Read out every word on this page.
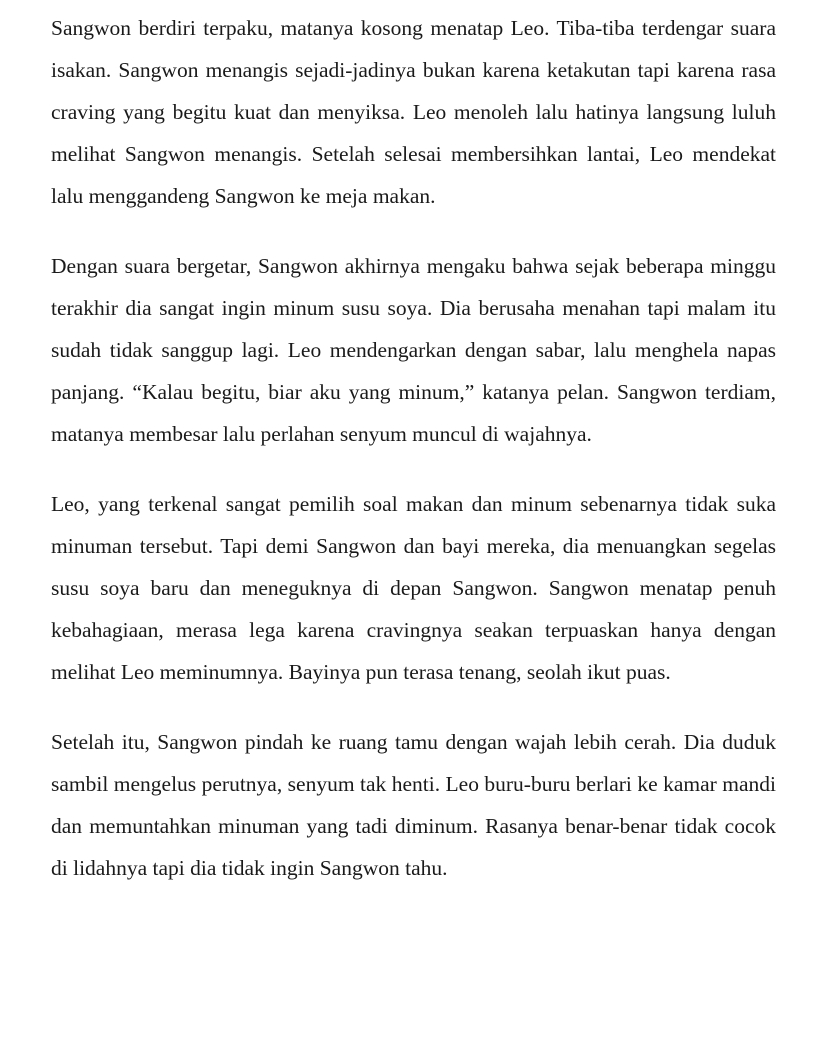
Sangwon berdiri terpaku, matanya kosong menatap Leo. Tiba-tiba terdengar suara isakan. Sangwon menangis sejadi-jadinya bukan karena ketakutan tapi karena rasa craving yang begitu kuat dan menyiksa. Leo menoleh lalu hatinya langsung luluh melihat Sangwon menangis. Setelah selesai membersihkan lantai, Leo mendekat lalu menggandeng Sangwon ke meja makan.

Dengan suara bergetar, Sangwon akhirnya mengaku bahwa sejak beberapa minggu terakhir dia sangat ingin minum susu soya. Dia berusaha menahan tapi malam itu sudah tidak sanggup lagi. Leo mendengarkan dengan sabar, lalu menghela napas panjang. “Kalau begitu, biar aku yang minum,” katanya pelan. Sangwon terdiam, matanya membesar lalu perlahan senyum muncul di wajahnya.

Leo, yang terkenal sangat pemilih soal makan dan minum sebenarnya tidak suka minuman tersebut. Tapi demi Sangwon dan bayi mereka, dia menuangkan segelas susu soya baru dan meneguknya di depan Sangwon. Sangwon menatap penuh kebahagiaan, merasa lega karena cravingnya seakan terpuaskan hanya dengan melihat Leo meminumnya. Bayinya pun terasa tenang, seolah ikut puas.

Setelah itu, Sangwon pindah ke ruang tamu dengan wajah lebih cerah. Dia duduk sambil mengelus perutnya, senyum tak henti. Leo buru-buru berlari ke kamar mandi dan memuntahkan minuman yang tadi diminum. Rasanya benar-benar tidak cocok di lidahnya tapi dia tidak ingin Sangwon tahu.
